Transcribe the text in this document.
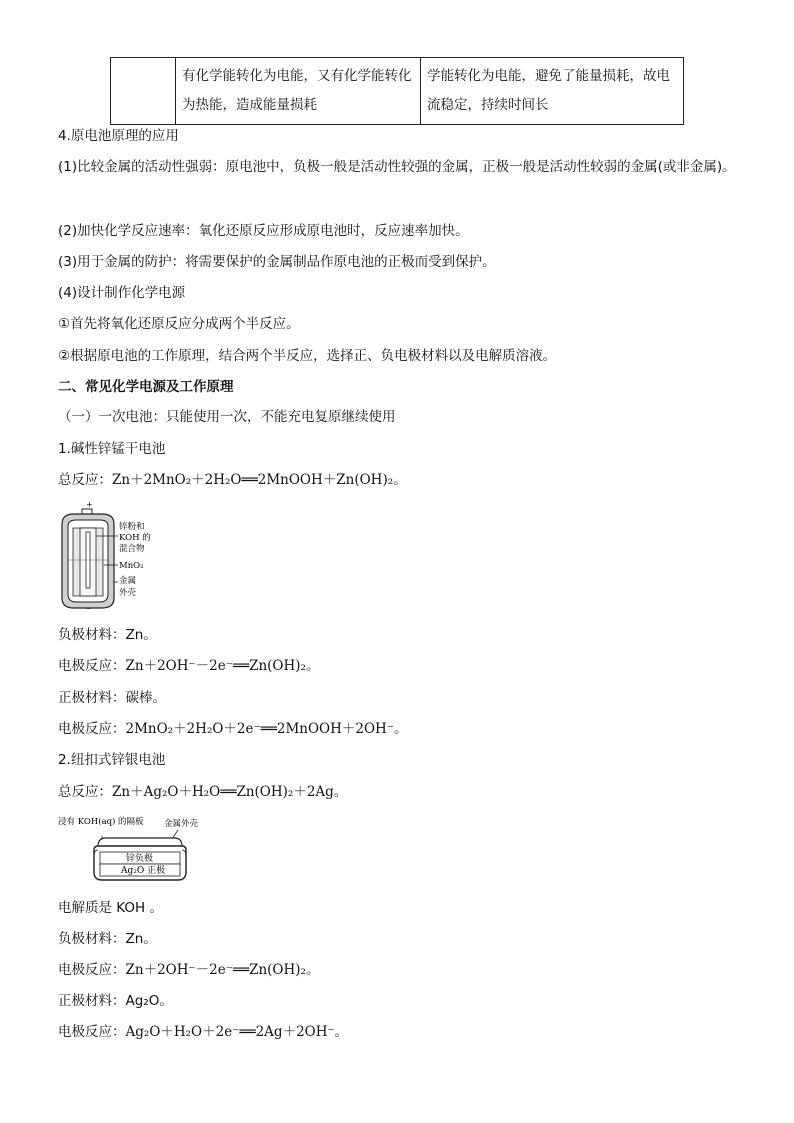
	有化学能转化为电能，又有化学能转化为热能，造成能量损耗	学能转化为电能，避免了能量损耗，故电流稳定，持续时间长
4.原电池原理的应用
(1)比较金属的活动性强弱：原电池中，负极一般是活动性较强的金属，正极一般是活动性较弱的金属(或非金属)。
(2)加快化学反应速率：氧化还原反应形成原电池时，反应速率加快。
(3)用于金属的防护：将需要保护的金属制品作原电池的正极而受到保护。
(4)设计制作化学电源
①首先将氧化还原反应分成两个半反应。
②根据原电池的工作原理，结合两个半反应，选择正、负电极材料以及电解质溶液。
二、常见化学电源及工作原理
（一）一次电池：只能使用一次，不能充电复原继续使用
1.碱性锌锰干电池
总反应：Zn＋2MnO₂＋2H₂O══2MnOOH＋Zn(OH)₂。
+
−
锌粉和
KOH 的
混合物
MnO₂
金属
外壳
负极材料：Zn。
电极反应：Zn＋2OH⁻－2e⁻══Zn(OH)₂。
正极材料：碳棒。
电极反应：2MnO₂＋2H₂O＋2e⁻══2MnOOH＋2OH⁻。
2.纽扣式锌银电池
总反应：Zn＋Ag₂O＋H₂O══Zn(OH)₂＋2Ag。
浸有 KOH(aq) 的隔板 金属外壳
锌负极
Ag₂O 正极
电解质是 KOH 。
负极材料：Zn。
电极反应：Zn＋2OH⁻－2e⁻══Zn(OH)₂。
正极材料：Ag₂O。
电极反应：Ag₂O＋H₂O＋2e⁻══2Ag＋2OH⁻。
